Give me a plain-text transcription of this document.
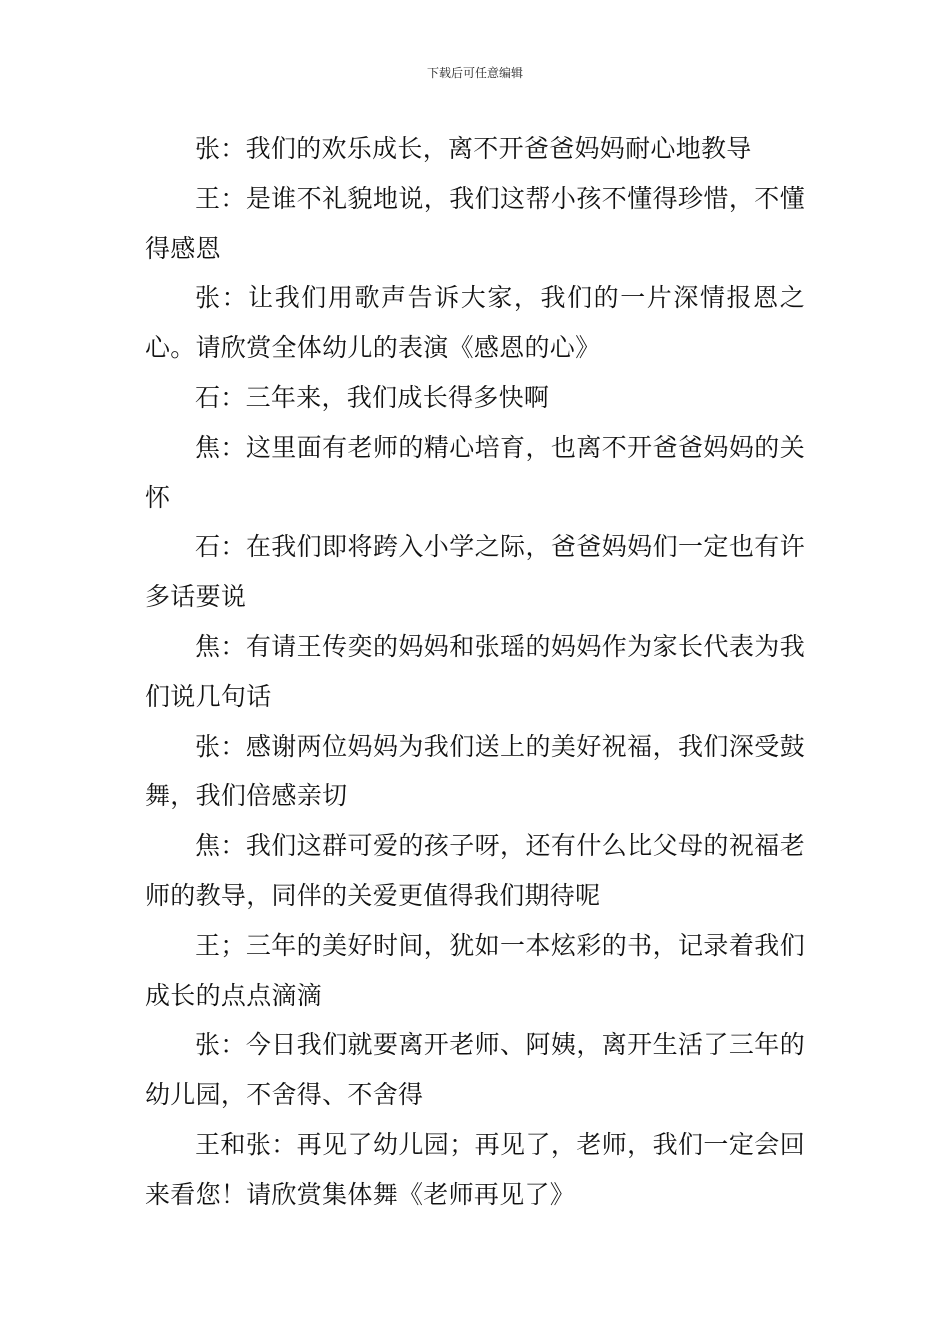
下载后可任意编辑

张：我们的欢乐成长，离不开爸爸妈妈耐心地教导

王：是谁不礼貌地说，我们这帮小孩不懂得珍惜，不懂得感恩

张：让我们用歌声告诉大家，我们的一片深情报恩之心。请欣赏全体幼儿的表演《感恩的心》

石：三年来，我们成长得多快啊

焦：这里面有老师的精心培育，也离不开爸爸妈妈的关怀

石：在我们即将跨入小学之际，爸爸妈妈们一定也有许多话要说

焦：有请王传奕的妈妈和张瑶的妈妈作为家长代表为我们说几句话

张：感谢两位妈妈为我们送上的美好祝福，我们深受鼓舞，我们倍感亲切

焦：我们这群可爱的孩子呀，还有什么比父母的祝福老师的教导，同伴的关爱更值得我们期待呢

王；三年的美好时间，犹如一本炫彩的书，记录着我们成长的点点滴滴

张：今日我们就要离开老师、阿姨，离开生活了三年的幼儿园，不舍得、不舍得

王和张：再见了幼儿园；再见了，老师，我们一定会回来看您！请欣赏集体舞《老师再见了》
